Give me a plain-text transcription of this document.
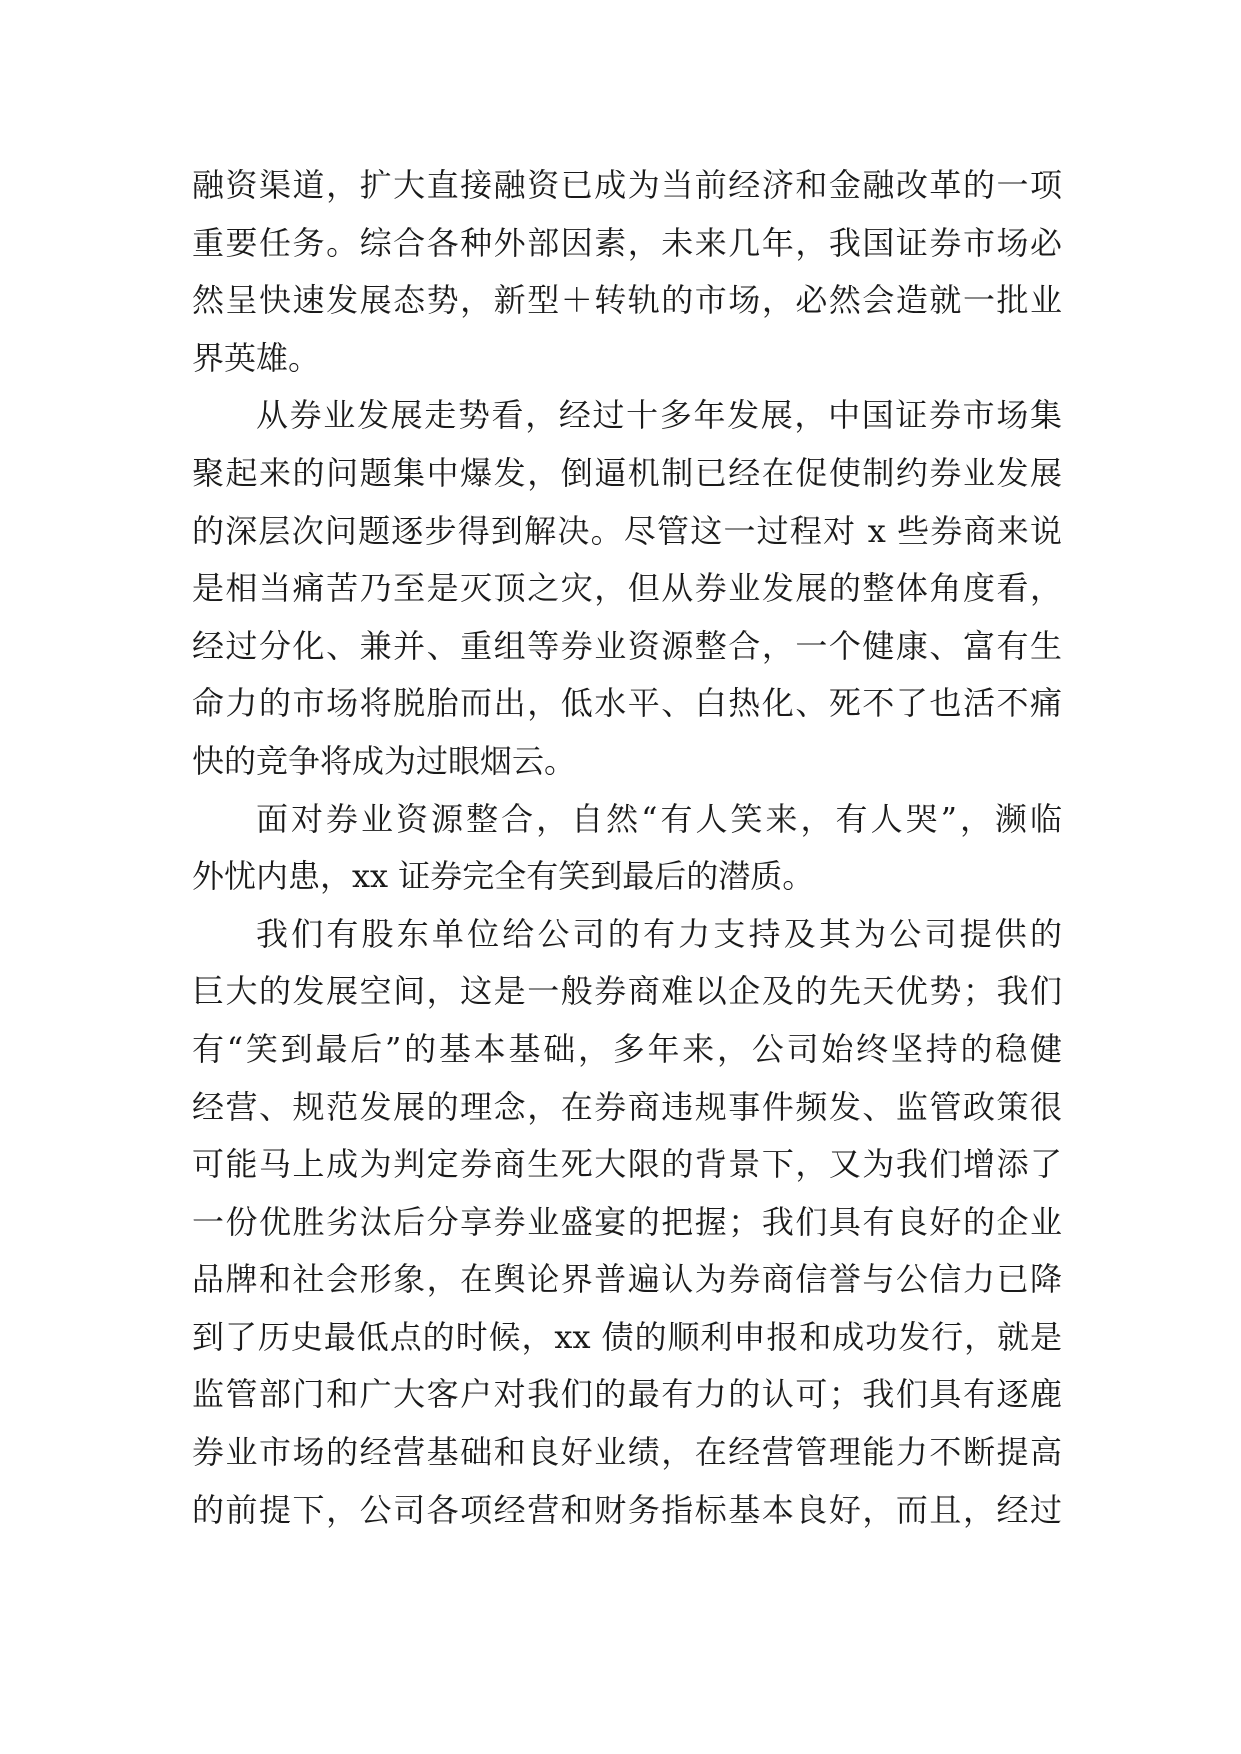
融资渠道，扩大直接融资已成为当前经济和金融改革的一项
重要任务。综合各种外部因素，未来几年，我国证券市场必
然呈快速发展态势，新型＋转轨的市场，必然会造就一批业
界英雄。
从券业发展走势看，经过十多年发展，中国证券市场集
聚起来的问题集中爆发，倒逼机制已经在促使制约券业发展
的深层次问题逐步得到解决。尽管这一过程对 x 些券商来说
是相当痛苦乃至是灭顶之灾，但从券业发展的整体角度看，
经过分化、兼并、重组等券业资源整合，一个健康、富有生
命力的市场将脱胎而出，低水平、白热化、死不了也活不痛
快的竞争将成为过眼烟云。
面对券业资源整合，自然“有人笑来，有人哭”，濒临
外忧内患，xx 证券完全有笑到最后的潜质。
我们有股东单位给公司的有力支持及其为公司提供的
巨大的发展空间，这是一般券商难以企及的先天优势；我们
有“笑到最后”的基本基础，多年来，公司始终坚持的稳健
经营、规范发展的理念，在券商违规事件频发、监管政策很
可能马上成为判定券商生死大限的背景下，又为我们增添了
一份优胜劣汰后分享券业盛宴的把握；我们具有良好的企业
品牌和社会形象，在舆论界普遍认为券商信誉与公信力已降
到了历史最低点的时候，xx 债的顺利申报和成功发行，就是
监管部门和广大客户对我们的最有力的认可；我们具有逐鹿
券业市场的经营基础和良好业绩，在经营管理能力不断提高
的前提下，公司各项经营和财务指标基本良好，而且，经过
